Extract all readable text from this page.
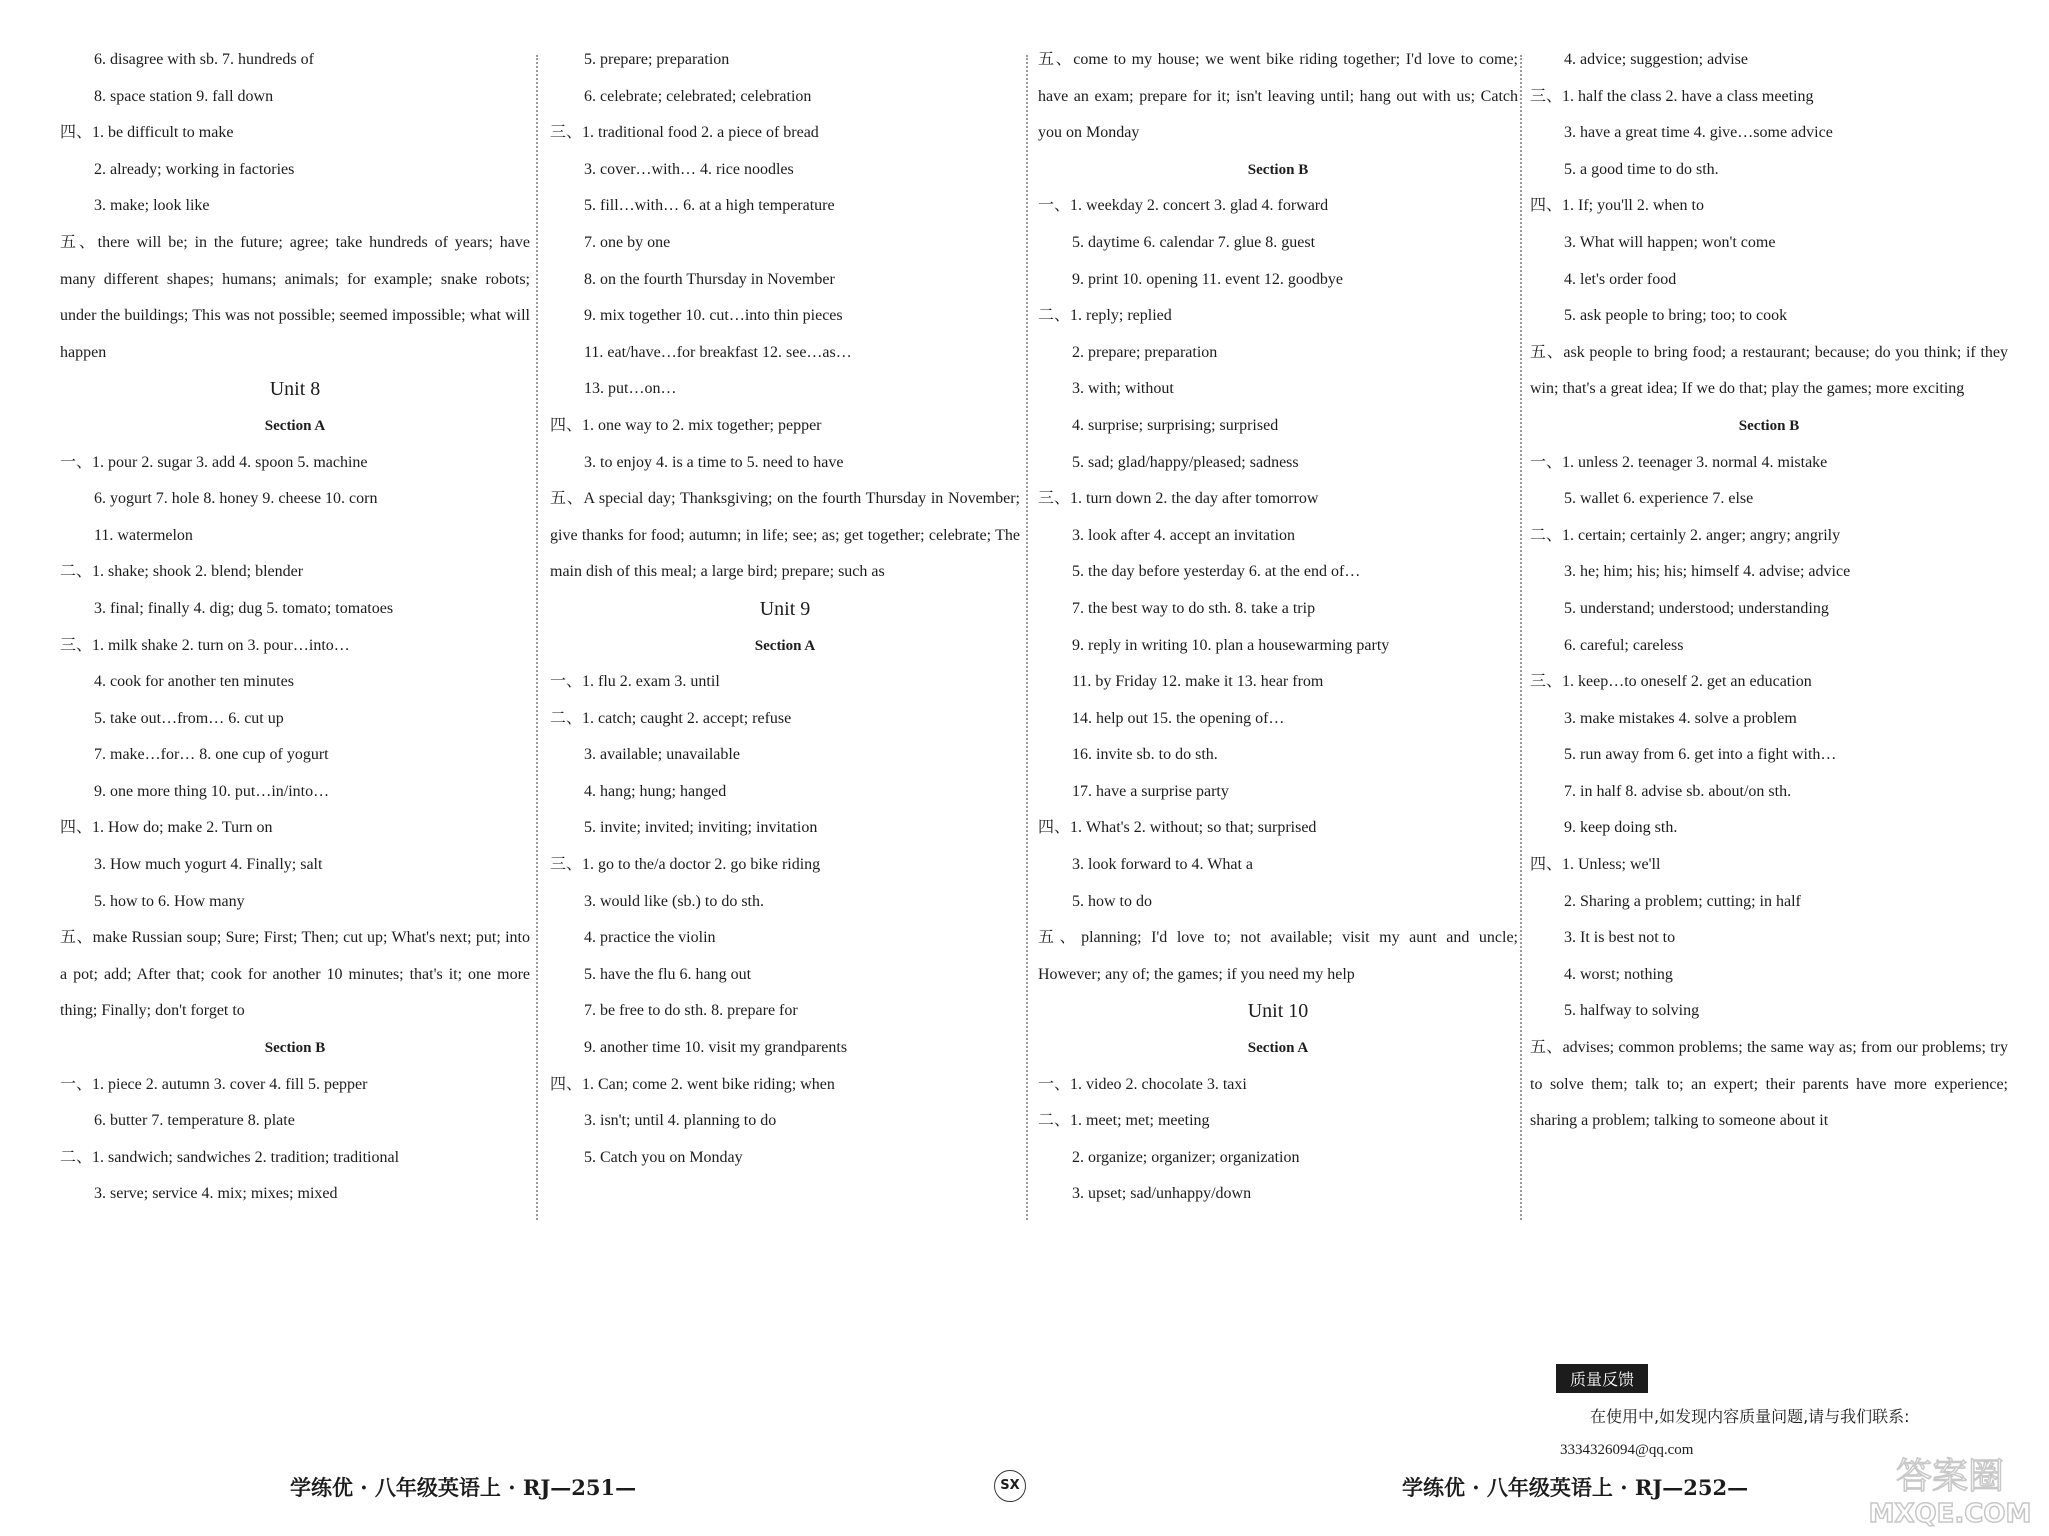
6. disagree with sb. 7. hundreds of
8. space station 9. fall down
四、1. be difficult to make
2. already; working in factories
3. make; look like
五、there will be; in the future; agree; take hundreds of years; have many different shapes; humans; animals; for example; snake robots; under the buildings; This was not possible; seemed impossible; what will happen
Unit 8
Section A
一、1. pour 2. sugar 3. add 4. spoon 5. machine
6. yogurt 7. hole 8. honey 9. cheese 10. corn
11. watermelon
二、1. shake; shook 2. blend; blender
3. final; finally 4. dig; dug 5. tomato; tomatoes
三、1. milk shake 2. turn on 3. pour…into…
4. cook for another ten minutes
5. take out…from… 6. cut up
7. make…for… 8. one cup of yogurt
9. one more thing 10. put…in/into…
四、1. How do; make 2. Turn on
3. How much yogurt 4. Finally; salt
5. how to 6. How many
五、make Russian soup; Sure; First; Then; cut up; What's next; put; into a pot; add; After that; cook for another 10 minutes; that's it; one more thing; Finally; don't forget to
Section B
一、1. piece 2. autumn 3. cover 4. fill 5. pepper
6. butter 7. temperature 8. plate
二、1. sandwich; sandwiches 2. tradition; traditional
3. serve; service 4. mix; mixes; mixed
5. prepare; preparation
6. celebrate; celebrated; celebration
三、1. traditional food 2. a piece of bread
3. cover…with… 4. rice noodles
5. fill…with… 6. at a high temperature
7. one by one
8. on the fourth Thursday in November
9. mix together 10. cut…into thin pieces
11. eat/have…for breakfast 12. see…as…
13. put…on…
四、1. one way to 2. mix together; pepper
3. to enjoy 4. is a time to 5. need to have
五、A special day; Thanksgiving; on the fourth Thursday in November; give thanks for food; autumn; in life; see; as; get together; celebrate; The main dish of this meal; a large bird; prepare; such as
Unit 9
Section A
一、1. flu 2. exam 3. until
二、1. catch; caught 2. accept; refuse
3. available; unavailable
4. hang; hung; hanged
5. invite; invited; inviting; invitation
三、1. go to the/a doctor 2. go bike riding
3. would like (sb.) to do sth.
4. practice the violin
5. have the flu 6. hang out
7. be free to do sth. 8. prepare for
9. another time 10. visit my grandparents
四、1. Can; come 2. went bike riding; when
3. isn't; until 4. planning to do
5. Catch you on Monday
五、come to my house; we went bike riding together; I'd love to come; have an exam; prepare for it; isn't leaving until; hang out with us; Catch you on Monday
Section B
一、1. weekday 2. concert 3. glad 4. forward
5. daytime 6. calendar 7. glue 8. guest
9. print 10. opening 11. event 12. goodbye
二、1. reply; replied
2. prepare; preparation
3. with; without
4. surprise; surprising; surprised
5. sad; glad/happy/pleased; sadness
三、1. turn down 2. the day after tomorrow
3. look after 4. accept an invitation
5. the day before yesterday 6. at the end of…
7. the best way to do sth. 8. take a trip
9. reply in writing 10. plan a housewarming party
11. by Friday 12. make it 13. hear from
14. help out 15. the opening of…
16. invite sb. to do sth.
17. have a surprise party
四、1. What's 2. without; so that; surprised
3. look forward to 4. What a
5. how to do
五、planning; I'd love to; not available; visit my aunt and uncle; However; any of; the games; if you need my help
Unit 10
Section A
一、1. video 2. chocolate 3. taxi
二、1. meet; met; meeting
2. organize; organizer; organization
3. upset; sad/unhappy/down
4. advice; suggestion; advise
三、1. half the class 2. have a class meeting
3. have a great time 4. give…some advice
5. a good time to do sth.
四、1. If; you'll 2. when to
3. What will happen; won't come
4. let's order food
5. ask people to bring; too; to cook
五、ask people to bring food; a restaurant; because; do you think; if they win; that's a great idea; If we do that; play the games; more exciting
Section B
一、1. unless 2. teenager 3. normal 4. mistake
5. wallet 6. experience 7. else
二、1. certain; certainly 2. anger; angry; angrily
3. he; him; his; his; himself 4. advise; advice
5. understand; understood; understanding
6. careful; careless
三、1. keep…to oneself 2. get an education
3. make mistakes 4. solve a problem
5. run away from 6. get into a fight with…
7. in half 8. advise sb. about/on sth.
9. keep doing sth.
四、1. Unless; we'll
2. Sharing a problem; cutting; in half
3. It is best not to
4. worst; nothing
5. halfway to solving
五、advises; common problems; the same way as; from our problems; try to solve them; talk to; an expert; their parents have more experience; sharing a problem; talking to someone about it
学练优 · 八年级英语上 · RJ—251—	SX	学练优 · 八年级英语上 · RJ—252—
质量反馈
在使用中,如发现内容质量问题,请与我们联系:
3334326094@qq.com
答案圈
MXQE.COM
